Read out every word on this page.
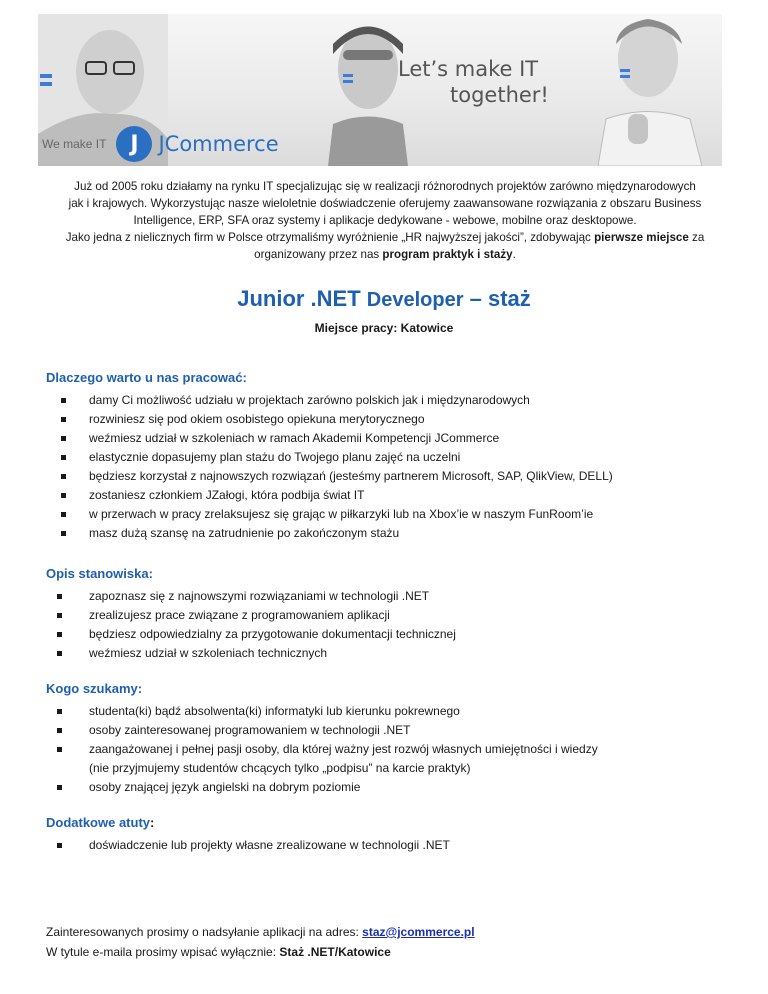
Let’s make IT
together!
We make IT	J JCommerce

Już od 2005 roku działamy na rynku IT specjalizując się w realizacji różnorodnych projektów zarówno międzynarodowych

jak i krajowych. Wykorzystując nasze wieloletnie doświadczenie oferujemy zaawansowane rozwiązania z obszaru Business

Intelligence, ERP, SFA oraz systemy i aplikacje dedykowane - webowe, mobilne oraz desktopowe.

Jako jedna z nielicznych firm w Polsce otrzymaliśmy wyróżnienie „HR najwyższej jakości”, zdobywając pierwsze miejsce za

organizowany przez nas program praktyk i staży.

Junior .NET Developer – staż
Miejsce pracy: Katowice

Dlaczego warto u nas pracować:

damy Ci możliwość udziału w projektach zarówno polskich jak i międzynarodowych
rozwiniesz się pod okiem osobistego opiekuna merytorycznego
weźmiesz udział w szkoleniach w ramach Akademii Kompetencji JCommerce
elastycznie dopasujemy plan stażu do Twojego planu zajęć na uczelni
będziesz korzystał z najnowszych rozwiązań (jesteśmy partnerem Microsoft, SAP, QlikView, DELL)
zostaniesz członkiem JZałogi, która podbija świat IT
w przerwach w pracy zrelaksujesz się grając w piłkarzyki lub na Xbox’ie w naszym FunRoom’ie
masz dużą szansę na zatrudnienie po zakończonym stażu

Opis stanowiska:

zapoznasz się z najnowszymi rozwiązaniami w technologii .NET
zrealizujesz prace związane z programowaniem aplikacji
będziesz odpowiedzialny za przygotowanie dokumentacji technicznej
weźmiesz udział w szkoleniach technicznych

Kogo szukamy:

studenta(ki) bądź absolwenta(ki) informatyki lub kierunku pokrewnego
osoby zainteresowanej programowaniem w technologii .NET
zaangażowanej i pełnej pasji osoby, dla której ważny jest rozwój własnych umiejętności i wiedzy
(nie przyjmujemy studentów chcących tylko „podpisu” na karcie praktyk)
osoby znającej język angielski na dobrym poziomie

Dodatkowe atuty:

doświadczenie lub projekty własne zrealizowane w technologii .NET
Zainteresowanych prosimy o nadsyłanie aplikacji na adres: staz@jcommerce.pl
W tytule e-maila prosimy wpisać wyłącznie: Staż .NET/Katowice
